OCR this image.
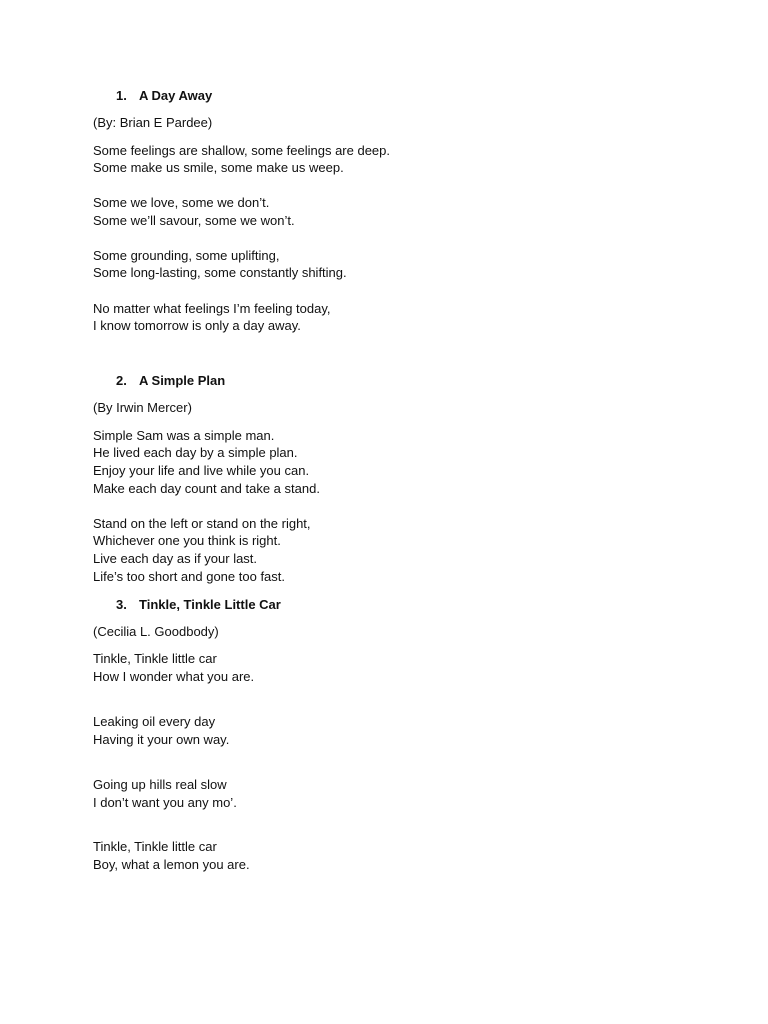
1. A Day Away
(By: Brian E Pardee)
Some feelings are shallow, some feelings are deep.
Some make us smile, some make us weep.
Some we love, some we don’t.
Some we’ll savour, some we won’t.
Some grounding, some uplifting,
Some long-lasting, some constantly shifting.
No matter what feelings I’m feeling today,
I know tomorrow is only a day away.
2. A Simple Plan
(By Irwin Mercer)
Simple Sam was a simple man.
He lived each day by a simple plan.
Enjoy your life and live while you can.
Make each day count and take a stand.
Stand on the left or stand on the right,
Whichever one you think is right.
Live each day as if your last.
Life’s too short and gone too fast.
3. Tinkle, Tinkle Little Car
(Cecilia L. Goodbody)
Tinkle, Tinkle little car
How I wonder what you are.
Leaking oil every day
Having it your own way.
Going up hills real slow
I don’t want you any mo’.
Tinkle, Tinkle little car
Boy, what a lemon you are.
